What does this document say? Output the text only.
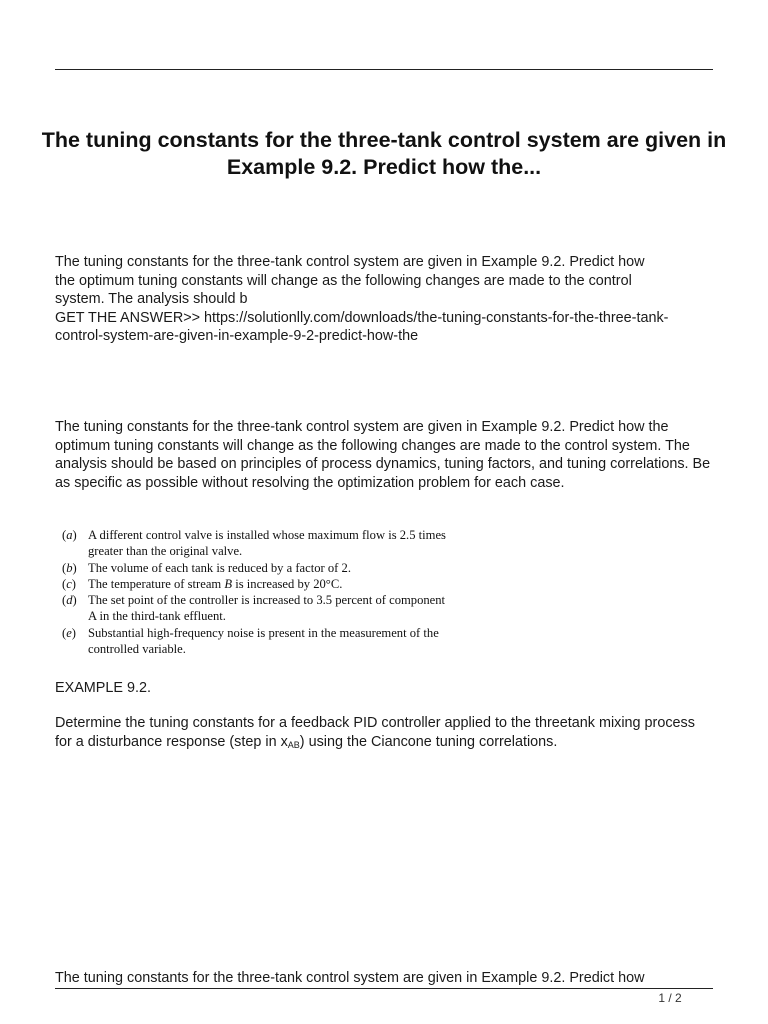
The tuning constants for the three-tank control system are given in Example 9.2. Predict how the...

The tuning constants for the three-tank control system are given in Example 9.2. Predict how
the optimum tuning constants will change as the following changes are made to the control
system. The analysis should b
GET THE ANSWER>> https://solutionlly.com/downloads/the-tuning-constants-for-the-three-tank-
control-system-are-given-in-example-9-2-predict-how-the

The tuning constants for the three-tank control system are given in Example 9.2. Predict how the optimum tuning constants will change as the following changes are made to the control system. The analysis should be based on principles of process dynamics, tuning factors, and tuning correlations. Be as specific as possible without resolving the optimization problem for each case.

(a) A different control valve is installed whose maximum flow is 2.5 times
greater than the original valve.
(b) The volume of each tank is reduced by a factor of 2.
(c) The temperature of stream B is increased by 20°C.
(d) The set point of the controller is increased to 3.5 percent of component
A in the third-tank effluent.
(e) Substantial high-frequency noise is present in the measurement of the
controlled variable.

EXAMPLE 9.2.

Determine the tuning constants for a feedback PID controller applied to the threetank mixing process for a disturbance response (step in $x_{AB}$) using the Ciancone tuning correlations.

The tuning constants for the three-tank control system are given in Example 9.2. Predict how

1 / 2
